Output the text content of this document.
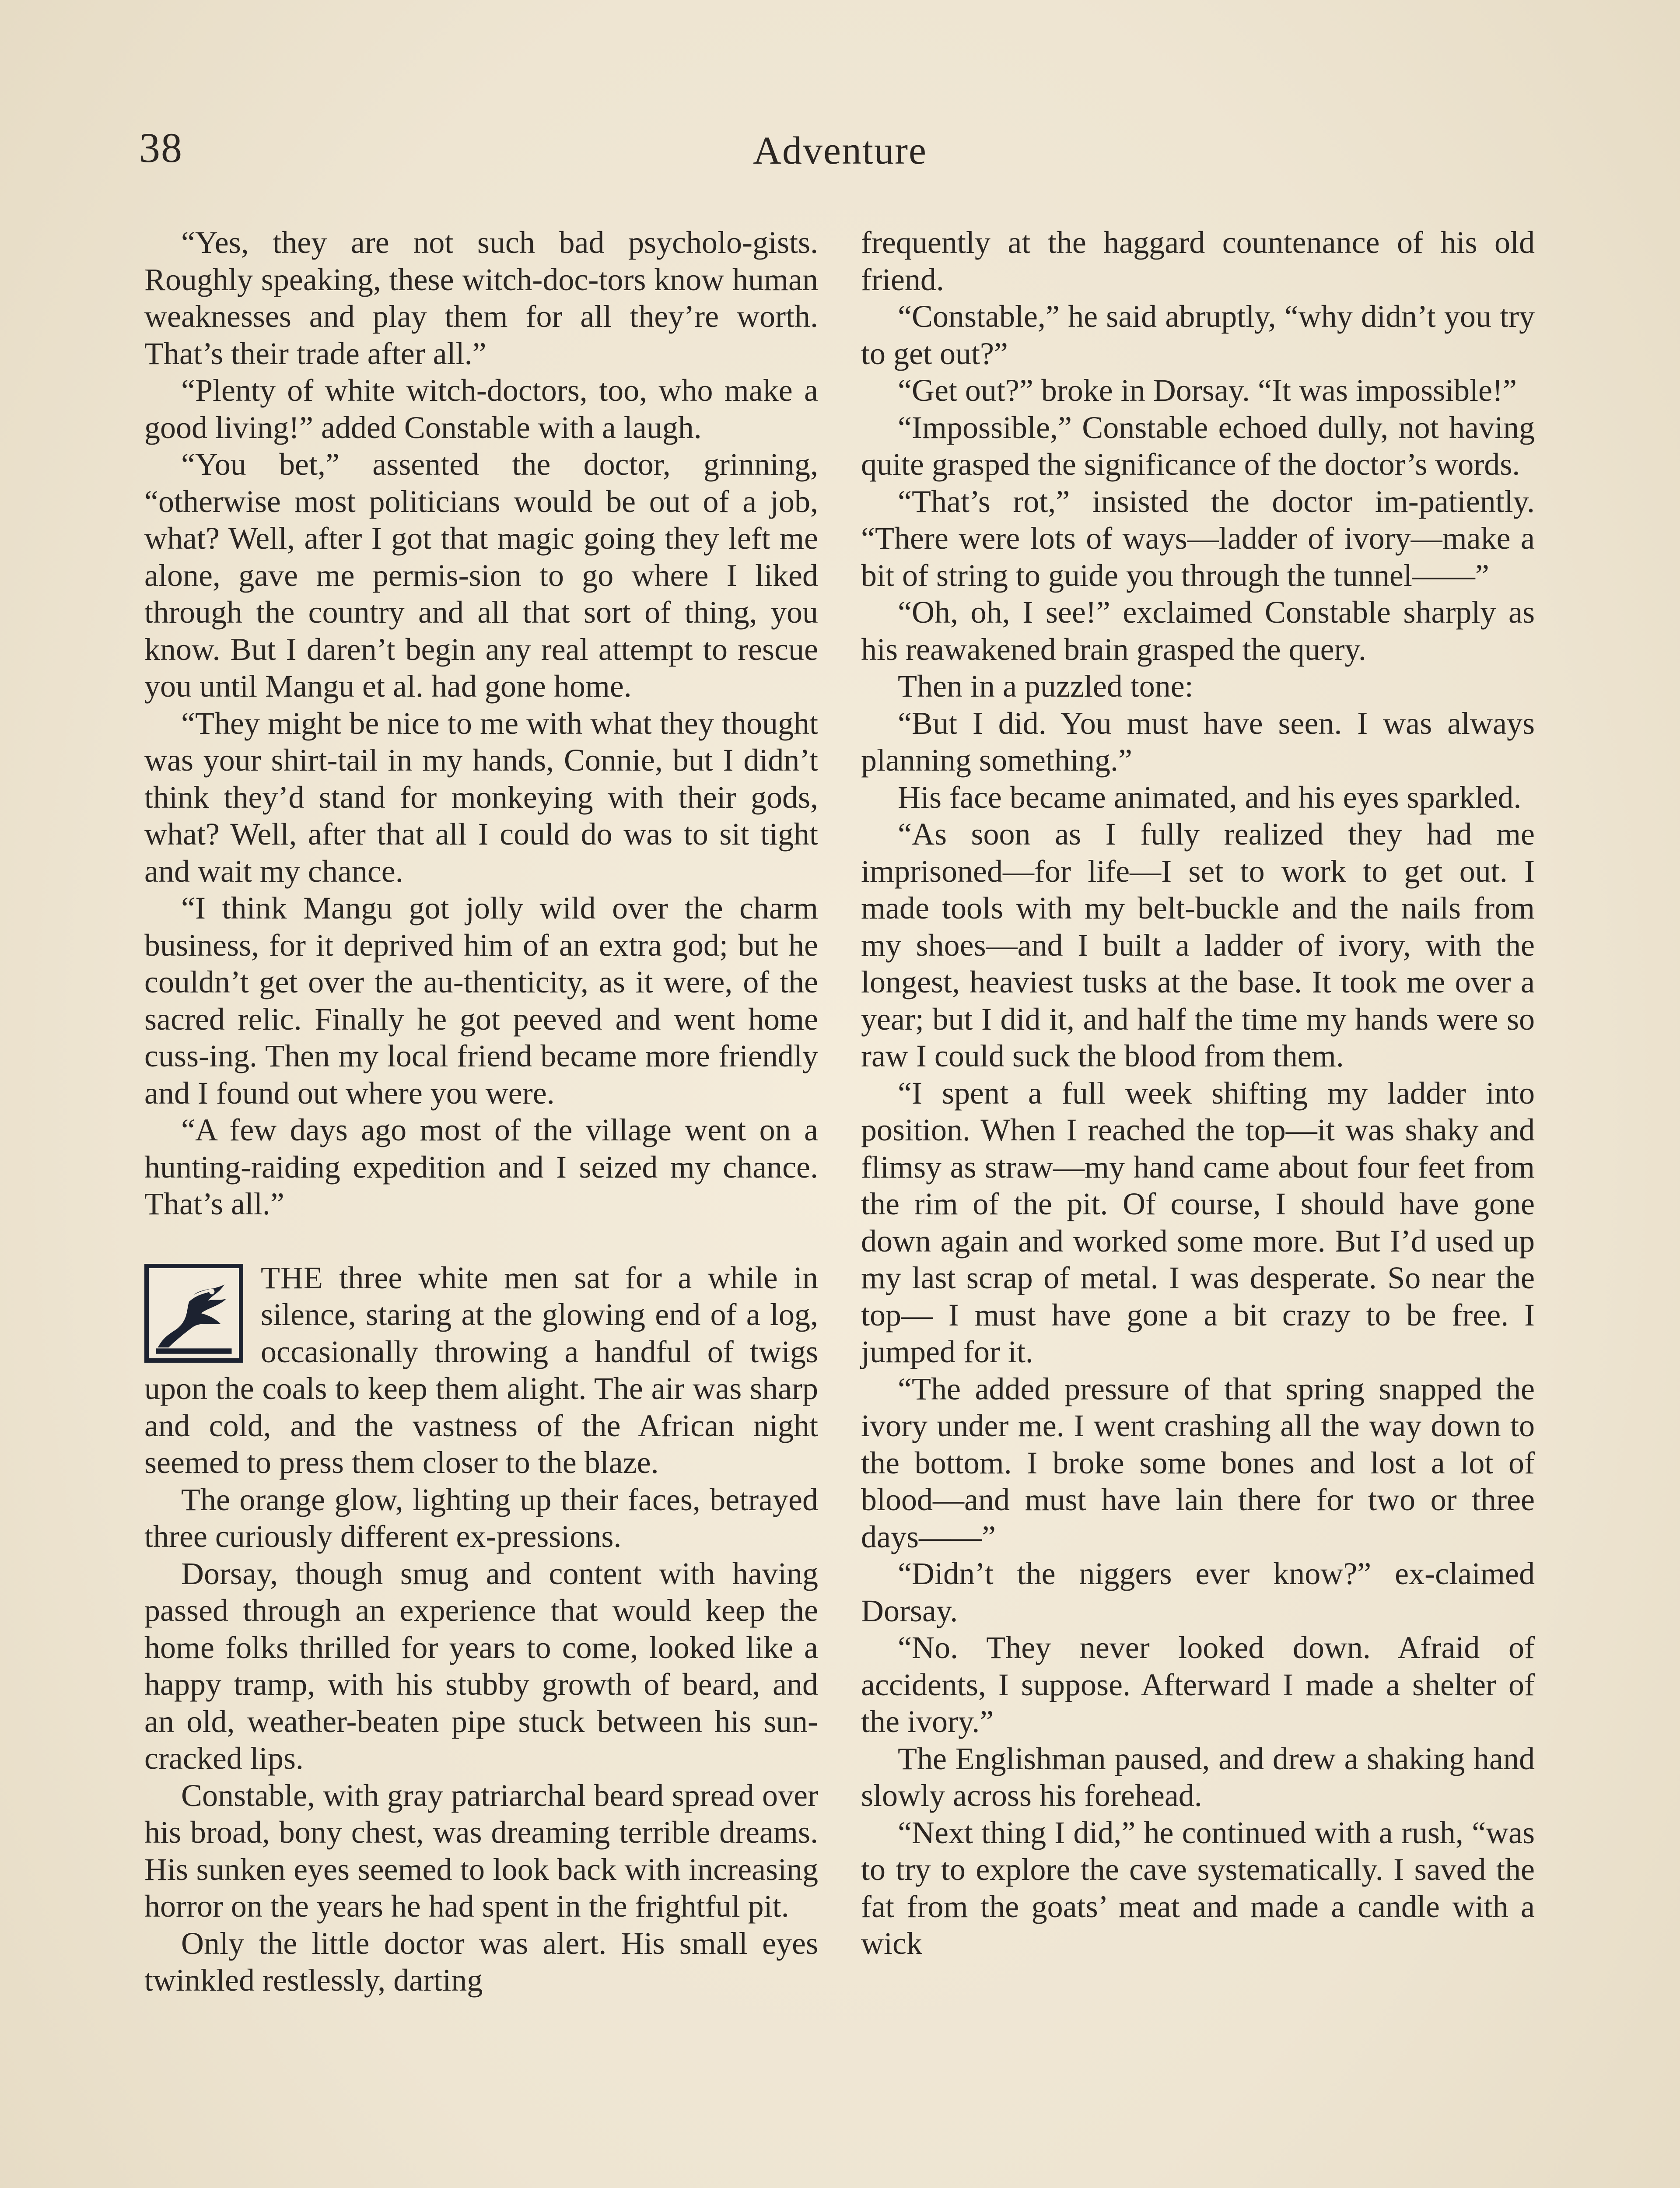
38	Adventure

“Yes, they are not such bad psycholo-gists. Roughly speaking, these witch-doc-tors know human weaknesses and play them for all they’re worth. That’s their trade after all.”

“Plenty of white witch-doctors, too, who make a good living!” added Constable with a laugh.

“You bet,” assented the doctor, grinning, “otherwise most politicians would be out of a job, what? Well, after I got that magic going they left me alone, gave me permis-sion to go where I liked through the country and all that sort of thing, you know. But I daren’t begin any real attempt to rescue you until Mangu et al. had gone home.

“They might be nice to me with what they thought was your shirt-tail in my hands, Connie, but I didn’t think they’d stand for monkeying with their gods, what? Well, after that all I could do was to sit tight and wait my chance.

“I think Mangu got jolly wild over the charm business, for it deprived him of an extra god; but he couldn’t get over the au-thenticity, as it were, of the sacred relic. Finally he got peeved and went home cuss-ing. Then my local friend became more friendly and I found out where you were.

“A few days ago most of the village went on a hunting-raiding expedition and I seized my chance. That’s all.”

THE three white men sat for a while in silence, staring at the glowing end of a log, occasionally throwing a handful of twigs upon the coals to keep them alight. The air was sharp and cold, and the vastness of the African night seemed to press them closer to the blaze.

The orange glow, lighting up their faces, betrayed three curiously different ex-pressions.

Dorsay, though smug and content with having passed through an experience that would keep the home folks thrilled for years to come, looked like a happy tramp, with his stubby growth of beard, and an old, weather-beaten pipe stuck between his sun-cracked lips.

Constable, with gray patriarchal beard spread over his broad, bony chest, was dreaming terrible dreams. His sunken eyes seemed to look back with increasing horror on the years he had spent in the frightful pit.

Only the little doctor was alert. His small eyes twinkled restlessly, darting

frequently at the haggard countenance of his old friend.

“Constable,” he said abruptly, “why didn’t you try to get out?”

“Get out?” broke in Dorsay. “It was impossible!”

“Impossible,” Constable echoed dully, not having quite grasped the significance of the doctor’s words.

“That’s rot,” insisted the doctor im-patiently. “There were lots of ways—ladder of ivory—make a bit of string to guide you through the tunnel——”

“Oh, oh, I see!” exclaimed Constable sharply as his reawakened brain grasped the query.

Then in a puzzled tone:

“But I did. You must have seen. I was always planning something.”

His face became animated, and his eyes sparkled.

“As soon as I fully realized they had me imprisoned—for life—I set to work to get out. I made tools with my belt-buckle and the nails from my shoes—and I built a ladder of ivory, with the longest, heaviest tusks at the base. It took me over a year; but I did it, and half the time my hands were so raw I could suck the blood from them.

“I spent a full week shifting my ladder into position. When I reached the top—it was shaky and flimsy as straw—my hand came about four feet from the rim of the pit. Of course, I should have gone down again and worked some more. But I’d used up my last scrap of metal. I was desperate. So near the top— I must have gone a bit crazy to be free. I jumped for it.

“The added pressure of that spring snapped the ivory under me. I went crashing all the way down to the bottom. I broke some bones and lost a lot of blood—and must have lain there for two or three days——”

“Didn’t the niggers ever know?” ex-claimed Dorsay.

“No. They never looked down. Afraid of accidents, I suppose. Afterward I made a shelter of the ivory.”

The Englishman paused, and drew a shaking hand slowly across his forehead.

“Next thing I did,” he continued with a rush, “was to try to explore the cave systematically. I saved the fat from the goats’ meat and made a candle with a wick
